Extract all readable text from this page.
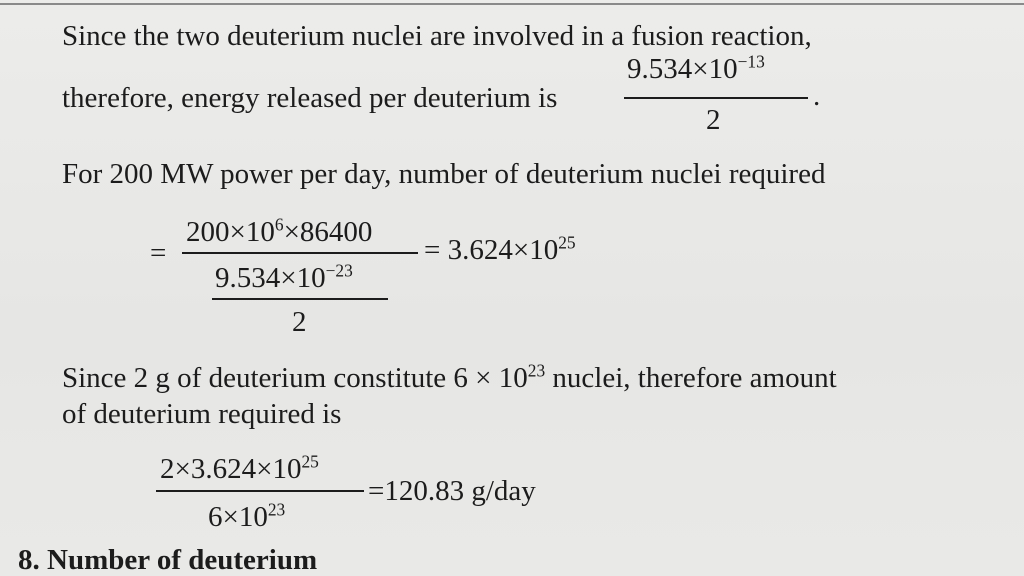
Since the two deuterium nuclei are involved in a fusion reaction,
therefore, energy released per deuterium is
$9.534\times 10^{-13}$
2
.
For 200 MW power per day, number of deuterium nuclei required
=
$200\times 10^6\times 86400$
$9.534\times 10^{-23}$
2
= $3.624\times 10^{25}$
Since 2 g of deuterium constitute $6 \times 10^{23}$ nuclei, therefore amount
of deuterium required is
$2\times 3.624\times 10^{25}$
$6\times 10^{23}$
=120.83 g/day
8. Number of deuterium
